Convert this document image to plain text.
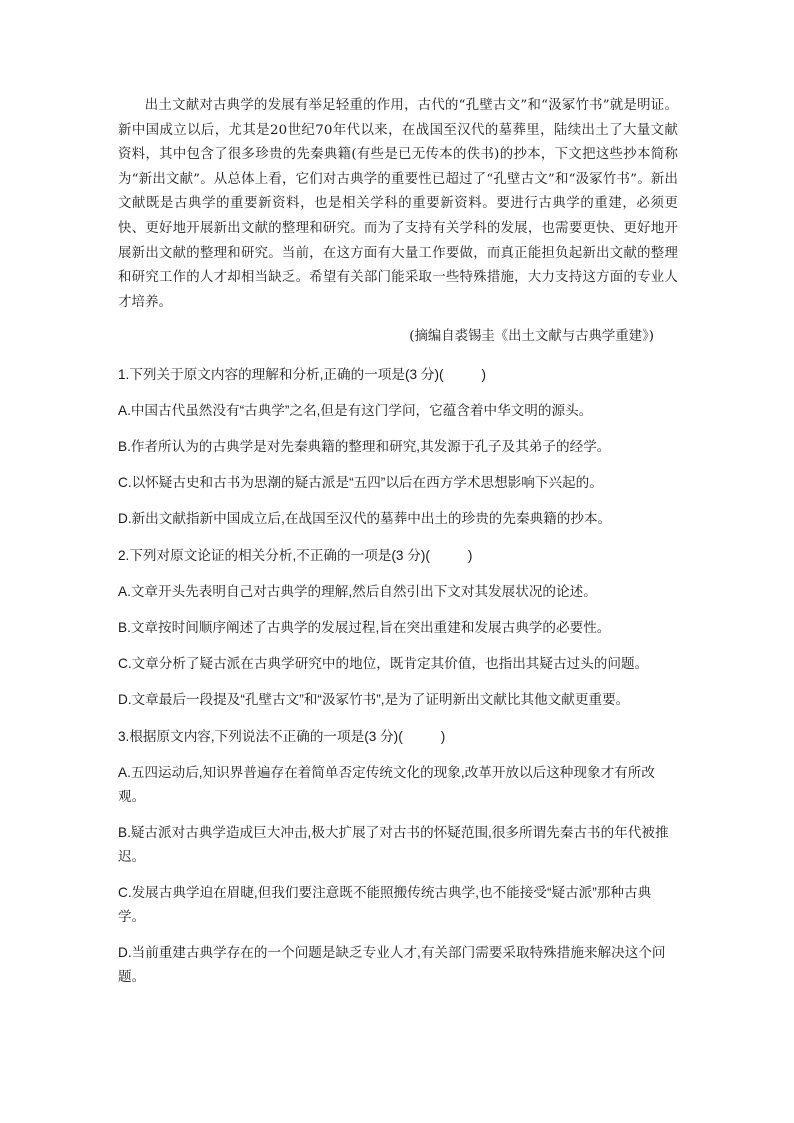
出土文献对古典学的发展有举足轻重的作用，古代的“孔壁古文”和“汲冢竹书”就是明证。新中国成立以后，尤其是20世纪70年代以来，在战国至汉代的墓葬里，陆续出土了大量文献资料，其中包含了很多珍贵的先秦典籍(有些是已无传本的佚书)的抄本，下文把这些抄本简称为“新出文献”。从总体上看，它们对古典学的重要性已超过了“孔壁古文”和“汲冢竹书”。新出文献既是古典学的重要新资料，也是相关学科的重要新资料。要进行古典学的重建，必须更快、更好地开展新出文献的整理和研究。而为了支持有关学科的发展，也需要更快、更好地开展新出文献的整理和研究。当前，在这方面有大量工作要做，而真正能担负起新出文献的整理和研究工作的人才却相当缺乏。希望有关部门能采取一些特殊措施，大力支持这方面的专业人才培养。

(摘编自裘锡圭《出土文献与古典学重建》)

1.下列关于原文内容的理解和分析,正确的一项是(3 分)(	)

A.中国古代虽然没有“古典学”之名,但是有这门学问，它蕴含着中华文明的源头。

B.作者所认为的古典学是对先秦典籍的整理和研究,其发源于孔子及其弟子的经学。

C.以怀疑古史和古书为思潮的疑古派是“五四”以后在西方学术思想影响下兴起的。

D.新出文献指新中国成立后,在战国至汉代的墓葬中出土的珍贵的先秦典籍的抄本。

2.下列对原文论证的相关分析,不正确的一项是(3 分)(	)

A.文章开头先表明自己对古典学的理解,然后自然引出下文对其发展状况的论述。

B.文章按时间顺序阐述了古典学的发展过程,旨在突出重建和发展古典学的必要性。

C.文章分析了疑古派在古典学研究中的地位，既肯定其价值，也指出其疑古过头的问题。

D.文章最后一段提及“孔壁古文”和“汲冢竹书”,是为了证明新出文献比其他文献更重要。

3.根据原文内容,下列说法不正确的一项是(3 分)(	)

A.五四运动后,知识界普遍存在着简单否定传统文化的现象,改革开放以后这种现象才有所改观。

B.疑古派对古典学造成巨大冲击,极大扩展了对古书的怀疑范围,很多所谓先秦古书的年代被推迟。

C.发展古典学迫在眉睫,但我们要注意既不能照搬传统古典学,也不能接受“疑古派”那种古典学。

D.当前重建古典学存在的一个问题是缺乏专业人才,有关部门需要采取特殊措施来解决这个问题。
